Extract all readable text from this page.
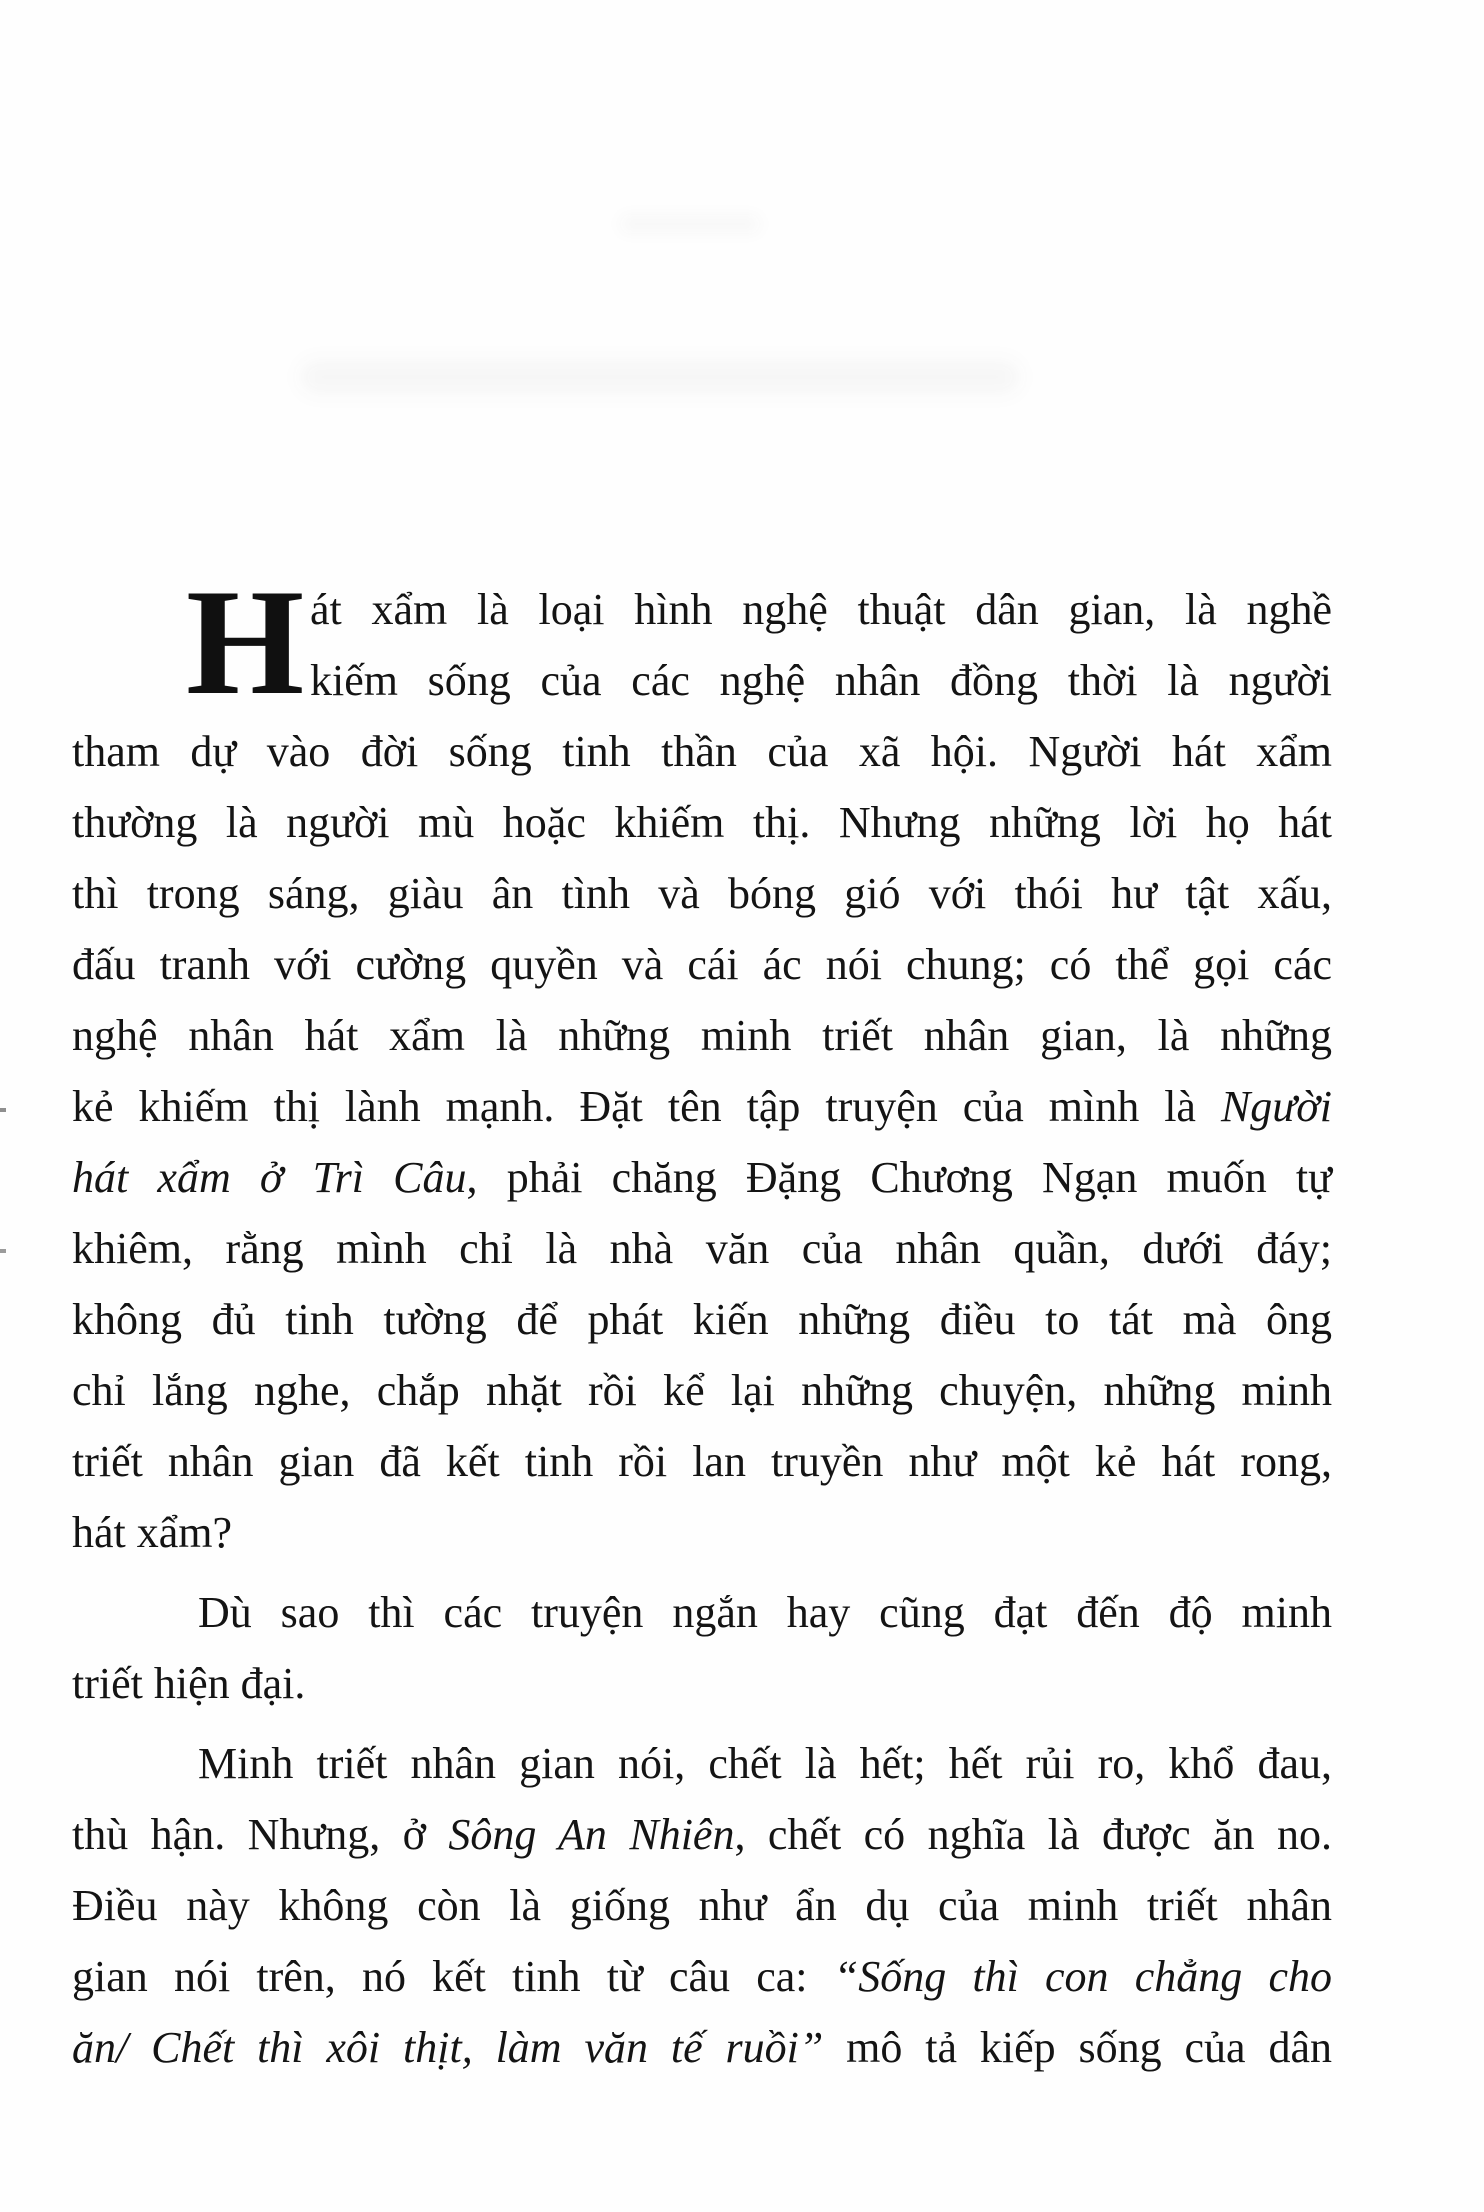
H át xẩm là loại hình nghệ thuật dân gian, là nghề
kiếm sống của các nghệ nhân đồng thời là người
tham dự vào đời sống tinh thần của xã hội. Người hát xẩm
thường là người mù hoặc khiếm thị. Nhưng những lời họ hát
thì trong sáng, giàu ân tình và bóng gió với thói hư tật xấu,
đấu tranh với cường quyền và cái ác nói chung; có thể gọi các
nghệ nhân hát xẩm là những minh triết nhân gian, là những
kẻ khiếm thị lành mạnh. Đặt tên tập truyện của mình là Người
hát xẩm ở Trì Câu, phải chăng Đặng Chương Ngạn muốn tự
khiêm, rằng mình chỉ là nhà văn của nhân quần, dưới đáy;
không đủ tinh tường để phát kiến những điều to tát mà ông
chỉ lắng nghe, chắp nhặt rồi kể lại những chuyện, những minh
triết nhân gian đã kết tinh rồi lan truyền như một kẻ hát rong,
hát xẩm?
Dù sao thì các truyện ngắn hay cũng đạt đến độ minh
triết hiện đại.
Minh triết nhân gian nói, chết là hết; hết rủi ro, khổ đau,
thù hận. Nhưng, ở Sông An Nhiên, chết có nghĩa là được ăn no.
Điều này không còn là giống như ẩn dụ của minh triết nhân
gian nói trên, nó kết tinh từ câu ca: “Sống thì con chẳng cho
ăn/ Chết thì xôi thịt, làm văn tế ruồi” mô tả kiếp sống của dân
